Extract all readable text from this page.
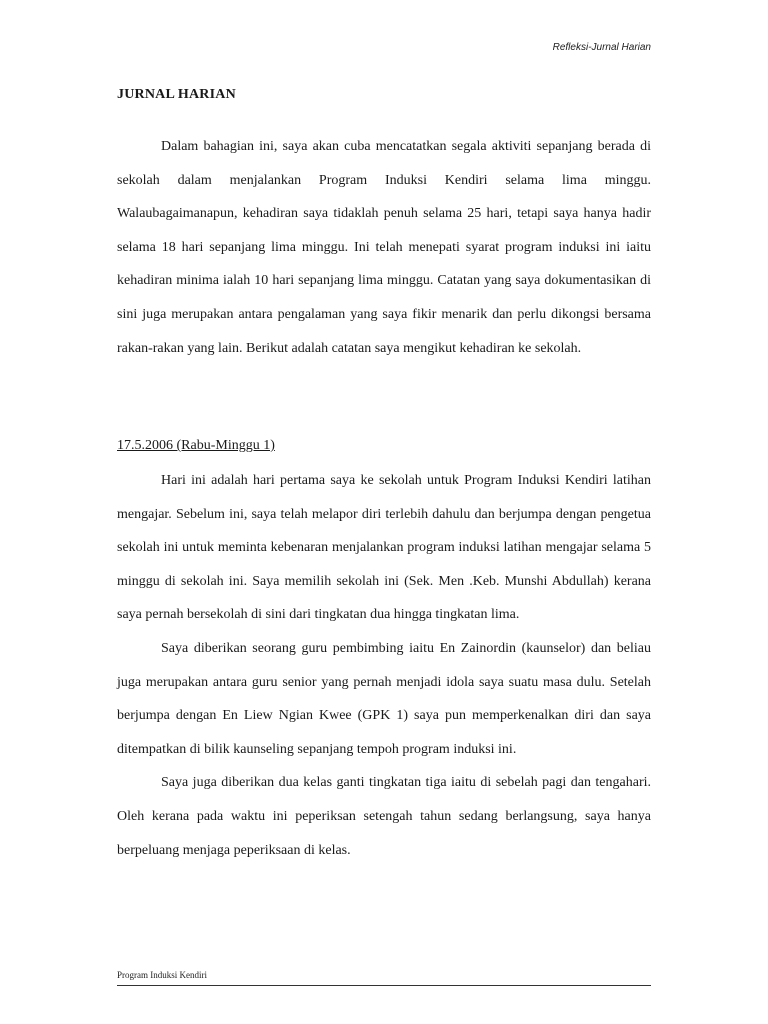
Refleksi-Jurnal Harian
JURNAL HARIAN

Dalam bahagian ini, saya akan cuba mencatatkan segala aktiviti sepanjang berada di sekolah dalam menjalankan Program Induksi Kendiri selama lima minggu. Walaubagaimanapun, kehadiran saya tidaklah penuh selama 25 hari, tetapi saya hanya hadir selama 18 hari sepanjang lima minggu. Ini telah menepati syarat program induksi ini iaitu kehadiran minima ialah 10 hari sepanjang lima minggu. Catatan yang saya dokumentasikan di sini juga merupakan antara pengalaman yang saya fikir menarik dan perlu dikongsi bersama rakan-rakan yang lain. Berikut adalah catatan saya mengikut kehadiran ke sekolah.

17.5.2006 (Rabu-Minggu 1)

Hari ini adalah hari pertama saya ke sekolah untuk Program Induksi Kendiri latihan mengajar. Sebelum ini, saya telah melapor diri terlebih dahulu dan berjumpa dengan pengetua sekolah ini untuk meminta kebenaran menjalankan program induksi latihan mengajar selama 5 minggu di sekolah ini. Saya memilih sekolah ini (Sek. Men .Keb. Munshi Abdullah) kerana saya pernah bersekolah di sini dari tingkatan dua hingga tingkatan lima.

Saya diberikan seorang guru pembimbing iaitu En Zainordin (kaunselor) dan beliau juga merupakan antara guru senior yang pernah menjadi idola saya suatu masa dulu. Setelah berjumpa dengan En Liew Ngian Kwee (GPK 1) saya pun memperkenalkan diri dan saya ditempatkan di bilik kaunseling sepanjang tempoh program induksi ini.

Saya juga diberikan dua kelas ganti tingkatan tiga iaitu di sebelah pagi dan tengahari. Oleh kerana pada waktu ini peperiksan setengah tahun sedang berlangsung, saya hanya berpeluang menjaga peperiksaan di kelas.

Program Induksi Kendiri
